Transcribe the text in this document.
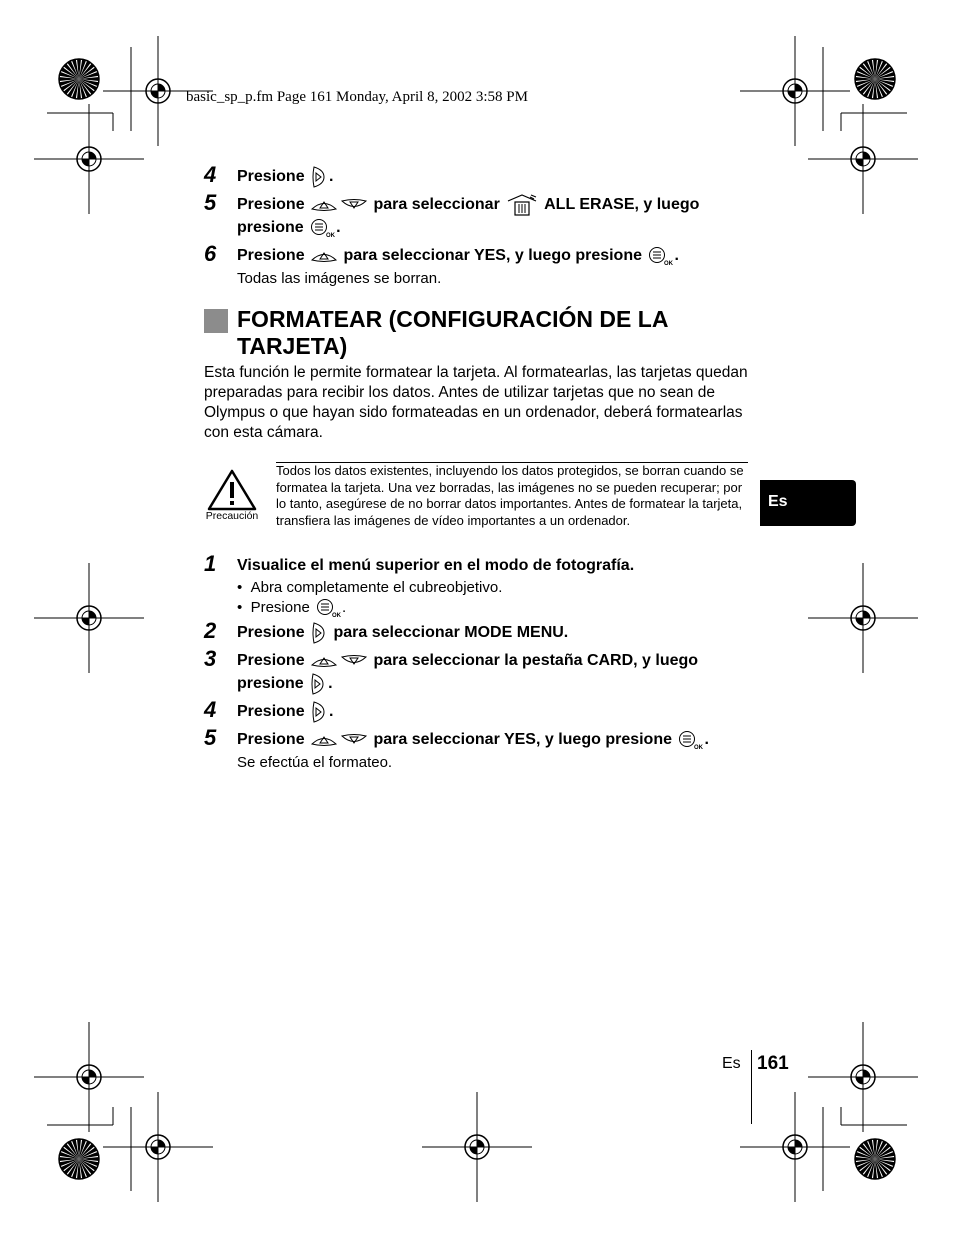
basic_sp_p.fm Page 161 Monday, April 8, 2002 3:58 PM
4 Presione .
5 Presione	para seleccionar	ALL ERASE, y luego
presione	OK .
6 Presione para seleccionar YES, y luego presione	OK .
Todas las imágenes se borran.
FORMATEAR (CONFIGURACIÓN DE LA TARJETA)
Esta función le permite formatear la tarjeta. Al formatearlas, las tarjetas quedan preparadas para recibir los datos. Antes de utilizar tarjetas que no sean de Olympus o que hayan sido formateadas en un ordenador, deberá formatearlas con esta cámara.
Precaución
Todos los datos existentes, incluyendo los datos protegidos, se borran cuando se formatea la tarjeta. Una vez borradas, las imágenes no se pueden recuperar; por lo tanto, asegúrese de no borrar datos importantes. Antes de formatear la tarjeta, transfiera las imágenes de vídeo importantes a un ordenador.
Es
1 Visualice el menú superior en el modo de fotografía.
•  Abra completamente el cubreobjetivo.
•  Presione
OK
.
2 Presione para seleccionar MODE MENU.
3 Presione	para seleccionar la pestaña CARD, y luego
presione .
4 Presione .
5 Presione	para seleccionar YES, y luego presione	OK .
Se efectúa el formateo.
Es 161
